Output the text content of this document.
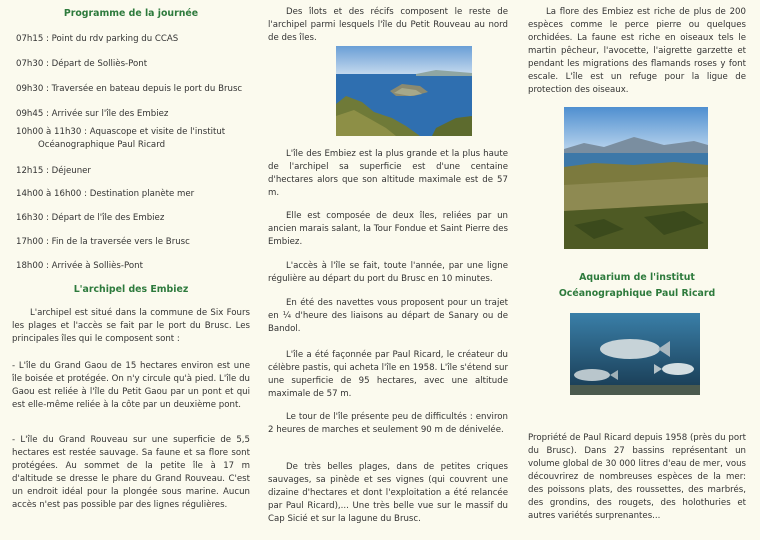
Programme de la journée
07h15 : Point du rdv parking du CCAS
07h30 : Départ de Solliès-Pont
09h30 : Traversée en bateau depuis le port du Brusc
09h45 : Arrivée sur l'île des Embiez
10h00 à 11h30 : Aquascope et visite de l'institut
Océanographique Paul Ricard
12h15 : Déjeuner
14h00 à 16h00 : Destination planète mer
16h30 : Départ de l'île des Embiez
17h00 : Fin de la traversée vers le Brusc
18h00 : Arrivée à Solliès-Pont
L'archipel des Embiez
L'archipel est situé dans la commune de Six Fours les plages et l'accès se fait par le port du Brusc. Les principales îles qui le composent sont :
- L'île du Grand Gaou de 15 hectares environ est une île boisée et protégée. On n'y circule qu'à pied. L'île du Gaou est reliée à l'île du Petit Gaou par un pont et qui est elle-même reliée à la côte par un deuxième pont.
- L'île du Grand Rouveau sur une superficie de 5,5 hectares est restée sauvage. Sa faune et sa flore sont protégées. Au sommet de la petite île à 17 m d'altitude se dresse le phare du Grand Rouveau. C'est un endroit idéal pour la plongée sous marine. Aucun accès n'est pas possible par des lignes régulières.
Des îlots et des récifs composent le reste de l'archipel parmi lesquels l'île du Petit Rouveau au nord de des îles.
L'île des Embiez est la plus grande et la plus haute de l'archipel sa superficie est d'une centaine d'hectares alors que son altitude maximale est de 57 m.
Elle est composée de deux îles, reliées par un ancien marais salant, la Tour Fondue et Saint Pierre des Embiez.
L'accès à l'île se fait, toute l'année, par une ligne régulière au départ du port du Brusc en 10 minutes.
En été des navettes vous proposent pour un trajet en ¼ d'heure des liaisons au départ de Sanary ou de Bandol.
L'île a été façonnée par Paul Ricard, le créateur du célèbre pastis, qui acheta l'île en 1958. L'île s'étend sur une superficie de 95 hectares, avec une altitude maximale de 57 m.
Le tour de l'île présente peu de difficultés : environ 2 heures de marches et seulement 90 m de dénivelée.
De très belles plages, dans de petites criques sauvages, sa pinède et ses vignes (qui couvrent une dizaine d'hectares et dont l'exploitation a été relancée par Paul Ricard),... Une très belle vue sur le massif du Cap Sicié et sur la lagune du Brusc.
La flore des Embiez est riche de plus de 200 espèces comme le perce pierre ou quelques orchidées. La faune est riche en oiseaux tels le martin pêcheur, l'avocette, l'aigrette garzette et pendant les migrations des flamands roses y font escale. L'île est un refuge pour la ligue de protection des oiseaux.
Aquarium de l'institut
Océanographique Paul Ricard
Propriété de Paul Ricard depuis 1958 (près du port du Brusc). Dans 27 bassins représentant un volume global de 30 000 litres d'eau de mer, vous découvrirez de nombreuses espèces de la mer: des poissons plats, des roussettes, des marbrés, des grondins, des rougets, des holothuries et autres variétés surprenantes...
